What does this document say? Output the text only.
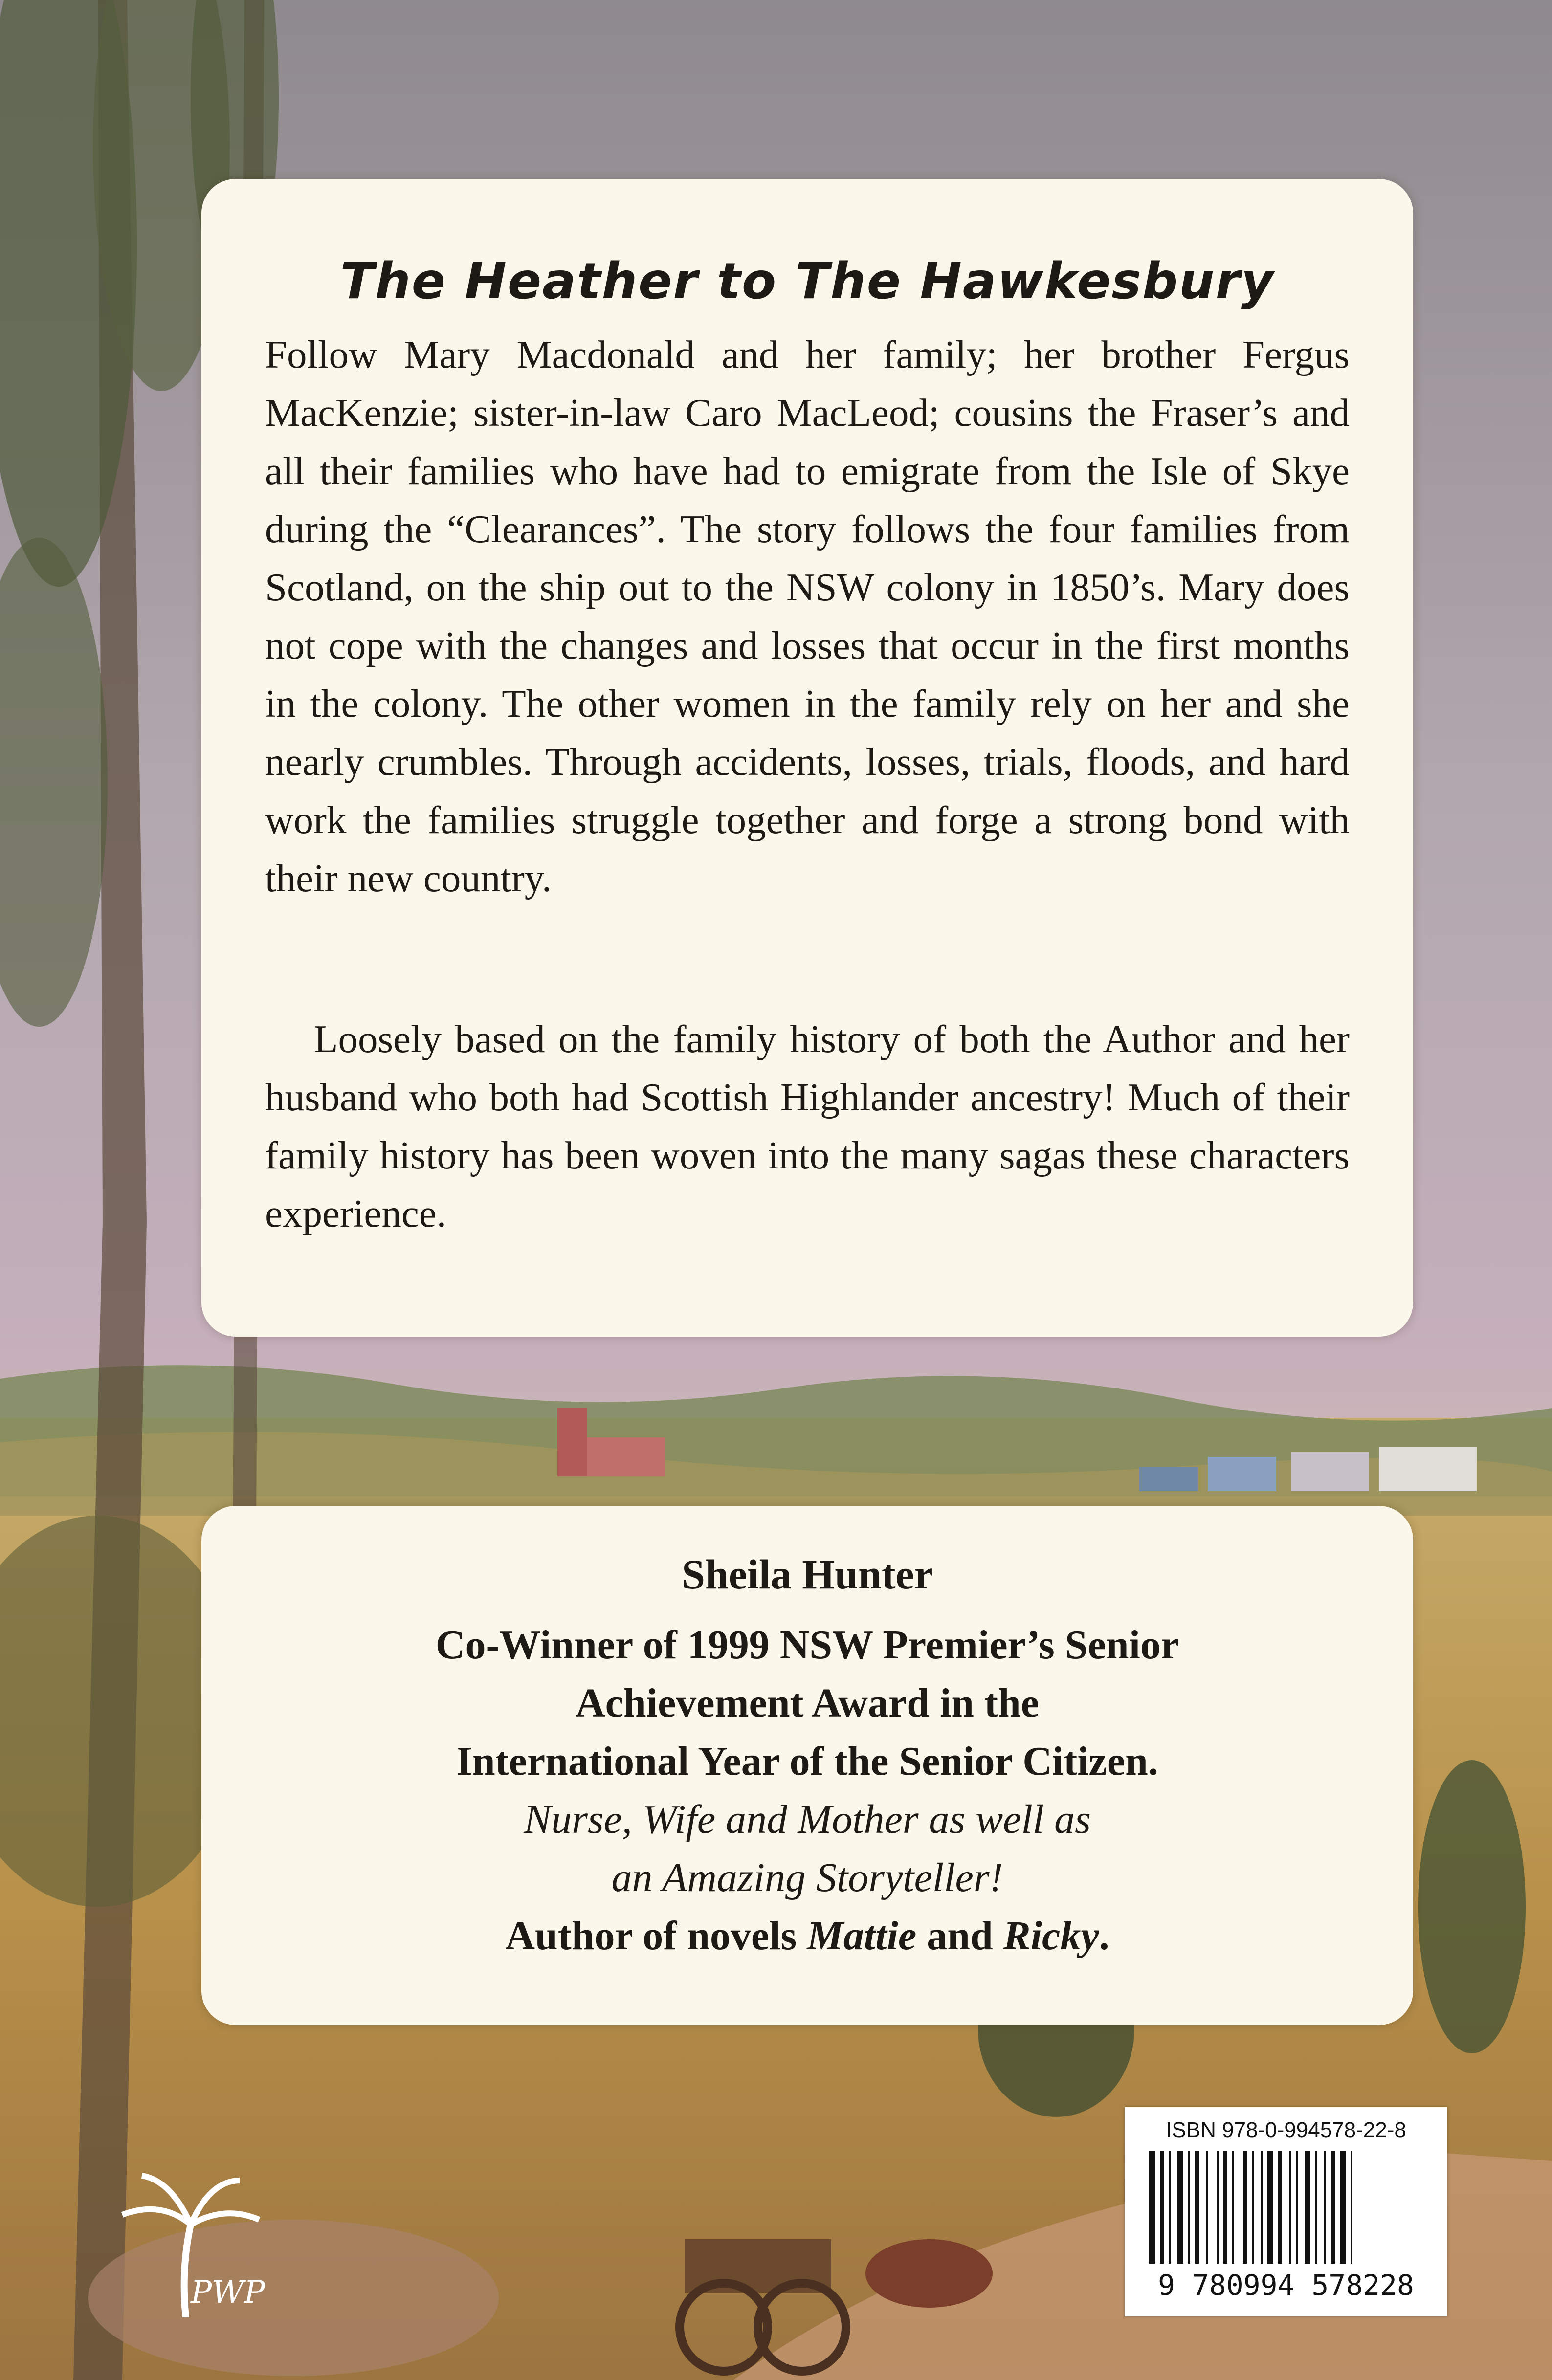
The Heather to The Hawkesbury

Follow Mary Macdonald and her family; her brother Fergus MacKenzie; sister-in-law Caro MacLeod; cousins the Fraser’s and all their families who have had to emigrate from the Isle of Skye during the “Clearances”. The story follows the four families from Scotland, on the ship out to the NSW colony in 1850’s. Mary does not cope with the changes and losses that occur in the first months in the colony. The other women in the family rely on her and she nearly crumbles. Through accidents, losses, trials, floods, and hard work the families struggle together and forge a strong bond with their new country.

Loosely based on the family history of both the Author and her husband who both had Scottish Highlander ancestry! Much of their family history has been woven into the many sagas these characters experience.

Sheila Hunter

Co-Winner of 1999 NSW Premier’s Senior
Achievement Award in the
International Year of the Senior Citizen.
Nurse, Wife and Mother as well as
an Amazing Storyteller!
Author of novels Mattie and Ricky.
ISBN 978-0-994578-22-8
9 780994 578228
PWP
